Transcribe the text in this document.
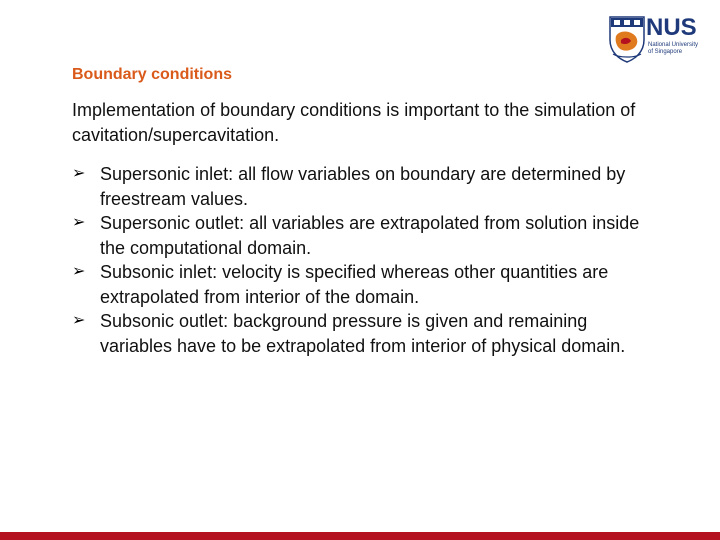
NUS
National University
of Singapore
Boundary conditions
Implementation of boundary conditions is important to the simulation of cavitation/supercavitation.
➢ Supersonic inlet: all flow variables on boundary are determined by freestream values.
➢ Supersonic outlet: all variables are extrapolated from solution inside the computational domain.
➢ Subsonic inlet: velocity is specified whereas other quantities are extrapolated from interior of the domain.
➢ Subsonic outlet: background pressure is given and remaining variables have to be extrapolated from interior of physical domain.
